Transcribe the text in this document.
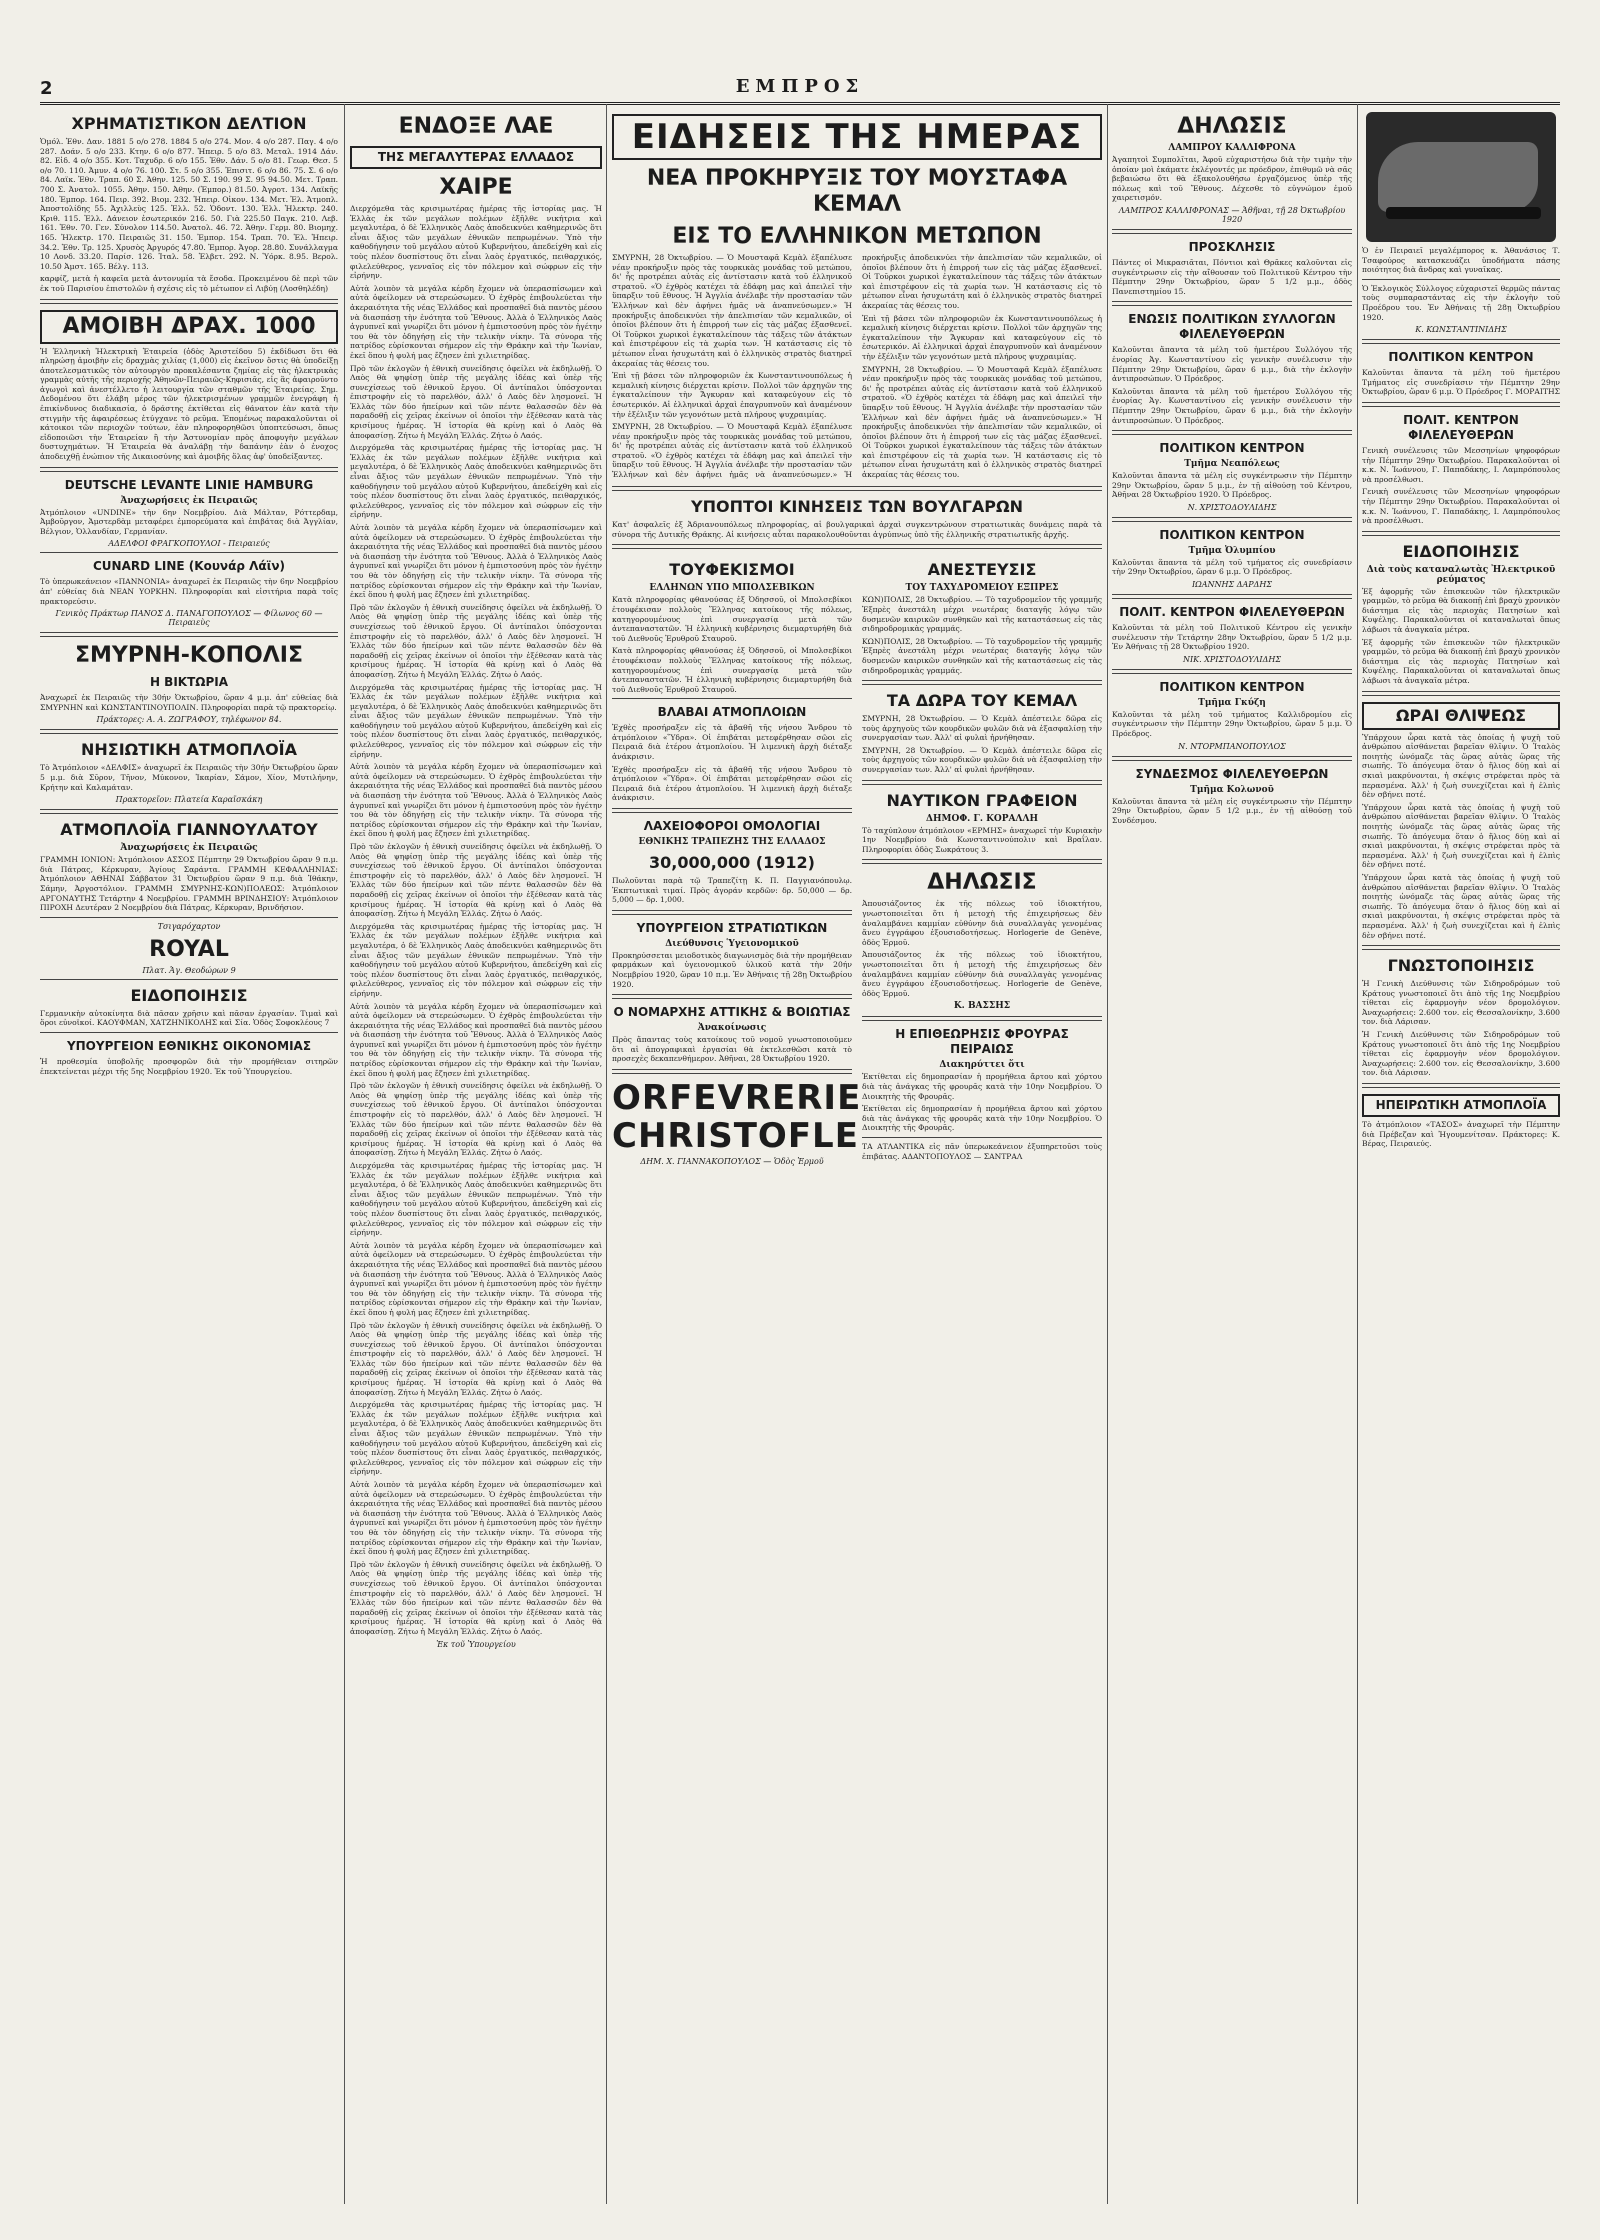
2	ΕΜΠΡΟΣ
ΧΡΗΜΑΤΙΣΤΙΚΟΝ ΔΕΛΤΙΟΝ

Ὁμόλ. Ἐθν. Δαν. 1881 5 ο/ο 278. 1884 5 ο/ο 274. Μον. 4 ο/ο 287. Παγ. 4 ο/ο 287. Δοάν. 5 ο/ο 233. Κτην. 6 ο/ο 877. Ἠπειρ. 5 ο/ο 83. Μεταλ. 1914 Δάν. 82. Εἰδ. 4 ο/ο 355. Κοτ. Ταχυδρ. 6 ο/ο 155. Ἐθν. Δάν. 5 ο/ο 81. Γεωρ. Θεσ. 5 ο/ο 70. 110. Ἀμυν. 4 ο/ο 76. 100. Στ. 5 ο/ο 355. Ἐπισιτ. 6 ο/ο 86. 75. Σ. 6 ο/ο 84. Λαϊκ. Ἐθν. Τραπ. 60 Σ. Ἀθην. 125. 50 Σ. 190. 99 Σ. 95 94.50. Μετ. Τραπ. 700 Σ. Ἀνατολ. 1055. Ἀθην. 150. Ἀθην. (Ἐμπορ.) 81.50. Ἀγροτ. 134. Λαϊκῆς 180. Ἐμπορ. 164. Πειρ. 392. Βιομ. 232. Ἠπειρ. Οἰκον. 134. Μετ. Ἐλ. Ἀτμοπλ. Ἀποστολίδης 55. Ἀχιλλεὺς 125. Ἑλλ. 52. Ὁδοντ. 130. Ἑλλ. Ἠλεκτρ. 240. Κριθ. 115. Ἑλλ. Δάνειον ἐσωτερικόν 216. 50. Γιὰ 225.50 Παγκ. 210. Λεβ. 161. Ἐθν. 70. Γεν. Σύνολον 114.50. Ἀνατολ. 46. 72. Ἀθην. Γερμ. 80. Βιομηχ. 165. Ἠλεκτρ. 170. Πειραιῶς 31. 150. Ἐμπορ. 154. Τραπ. 70. Ἐλ. Ἠπειρ. 34.2. Ἐθν. Τρ. 125. Χρυσὸς Ἀργυρός 47.80. Ἐμπορ. Ἀγορ. 28.80. Συνάλλαγμα 10 Λονδ. 33.20. Παρίσ. 126. Ἰταλ. 58. Ἐλβετ. 292. Ν. Ὑόρκ. 8.95. Βερολ. 10.50 Ἀμστ. 165. Βέλγ. 113.

καρφίζ, μετὰ ἡ καφεῖα μετὰ ἀντονυμία τὰ ἔσοδα. Προκειμένου δὲ περὶ τῶν ἐκ τοῦ Παρισίου ἐπιστολῶν ἡ σχέσις εἰς τὸ μέτωπον εἰ Λιβύῃ (Λοσθηλέδη)

ΑΜΟΙΒΗ ΔΡΑΧ. 1000

Ἡ Ἑλληνικὴ Ἠλεκτρικὴ Ἑταιρεία (ὁδὸς Ἀριστείδου 5) ἐκδίδωσι ὅτι θὰ πληρώσῃ ἀμοιβὴν εἰς δραχμὰς χιλίας (1,000) εἰς ἐκεῖνον ὅστις θὰ ὑποδείξῃ ἀποτελεσματικῶς τὸν αὐτουργὸν προκαλέσαντα ζημίας εἰς τὰς ἠλεκτρικὰς γραμμὰς αὐτῆς τῆς περιοχῆς Ἀθηνῶν-Πειραιῶς-Κηφισιᾶς, εἰς ἃς ἀφαιροῦντο ἀγωγοὶ καὶ ἀνεστέλλετο ἡ λειτουργία τῶν σταθμῶν τῆς Ἑταιρείας. Σημ. Δεδομένου ὅτι ἐλάβη μέρος τῶν ἠλεκτρισμένων γραμμῶν ἐνεγράφη ἡ ἐπικίνδυνος διαδικασία, ὁ δράστης ἐκτίθεται εἰς θάνατον ἐὰν κατὰ τὴν στιγμὴν τῆς ἀφαιρέσεως ἐτύγχανε τὸ ρεῦμα. Ἐπομένως παρακαλοῦνται οἱ κάτοικοι τῶν περιοχῶν τούτων, ἐὰν πληροφορηθῶσι ὑποπτεύσωσι, ὅπως εἰδοποιῶσι τὴν Ἑταιρείαν ἢ τὴν Ἀστυνομίαν πρὸς ἀποφυγὴν μεγάλων δυστυχημάτων. Ἡ Ἑταιρεία θὰ ἀναλάβῃ τὴν δαπάνην ἐὰν ὁ ἐνοχος ἀποδειχθῇ ἐνώπιον τῆς Δικαιοσύνης καὶ ἀμοιβῆς ὅλας ἀφ' ὑποδείξαντες.

DEUTSCHE LEVANTE LINIE HAMBURG
Ἀναχωρήσεις ἐκ Πειραιῶς

Ἀτμόπλοιον «UNDINE» τὴν 6ην Νοεμβρίου. Διὰ Μάλταν, Ρόττερδαμ, Ἀμβοῦργον, Ἀμστερδὰμ μεταφέρει ἐμπορεύματα καὶ ἐπιβάτας διὰ Ἀγγλίαν, Βέλγιον, Ὁλλανδίαν, Γερμανίαν.

ΑΔΕΛΦΟΙ ΦΡΑΓΚΟΠΟΥΛΟΙ - Πειραιεύς
CUNARD LINE (Κουνάρ Λάϊν)

Τὸ ὑπερωκεάνειον «ΠΑΝΝΟΝΙΑ» ἀναχωρεῖ ἐκ Πειραιῶς τὴν 6ην Νοεμβρίου ἀπ' εὐθείας διὰ ΝΕΑΝ ΥΟΡΚΗΝ. Πληροφορίαι καὶ εἰσιτήρια παρὰ τοῖς πρακτορεύσιν.

Γενικὸς Πράκτωρ ΠΑΝΟΣ Δ. ΠΑΝΑΓΟΠΟΥΛΟΣ — Φίλωνος 60 — Πειραιεὺς
ΣΜΥΡΝΗ-ΚΟΠΟΛΙΣ
Η ΒΙΚΤΩΡΙΑ

Ἀναχωρεῖ ἐκ Πειραιῶς τὴν 30ήν Ὀκτωβρίου, ὥραν 4 μ.μ. ἀπ' εὐθείας διὰ ΣΜΥΡΝΗΝ καὶ ΚΩΝΣΤΑΝΤΙΝΟΥΠΟΛΙΝ. Πληροφορίαι παρὰ τῷ πρακτορείῳ.

Πράκτορες: Α. Α. ΖΩΓΡΑΦΟΥ, τηλέφωνον 84.
ΝΗΣΙΩΤΙΚΗ ΑΤΜΟΠΛΟΪΑ

Τὸ Ἀτμόπλοιον «ΔΕΛΦΙΣ» ἀναχωρεῖ ἐκ Πειραιῶς τὴν 30ήν Ὀκτωβρίου ὥραν 5 μ.μ. διὰ Σῦρον, Τῆνον, Μύκονον, Ἰκαρίαν, Σάμον, Χίον, Μυτιλήνην, Κρήτην καὶ Καλαμάταν.

Πρακτορεῖον: Πλατεία Καραϊσκάκη
ΑΤΜΟΠΛΟΪΑ ΓΙΑΝΝΟΥΛΑΤΟΥ
Ἀναχωρήσεις ἐκ Πειραιῶς

ΓΡΑΜΜΗ ΙΟΝΙΟΝ: Ἀτμόπλοιον ΑΣΣΟΣ Πέμπτην 29 Ὀκτωβρίου ὥραν 9 π.μ. διὰ Πάτρας, Κέρκυραν, Ἁγίους Σαράντα. ΓΡΑΜΜΗ ΚΕΦΑΛΛΗΝΙΑΣ: Ἀτμόπλοιον ΑΘΗΝΑΙ Σάββατον 31 Ὀκτωβρίου ὥραν 9 π.μ. διὰ Ἰθάκην, Σάμην, Ἀργοστόλιον. ΓΡΑΜΜΗ ΣΜΥΡΝΗΣ-ΚΩΝ)ΠΟΛΕΩΣ: Ἀτμόπλοιον ΑΡΓΟΝΑΥΤΗΣ Τετάρτην 4 Νοεμβρίου. ΓΡΑΜΜΗ ΒΡΙΝΔΗΣΙΟΥ: Ἀτμόπλοιον ΠΙΡΟΧΗ Δευτέραν 2 Νοεμβρίου διὰ Πάτρας, Κέρκυραν, Βρινδήσιον.

Τσιγαρόχαρτον
ROYAL
Πλατ. Ἁγ. Θεοδώρων 9
ΕΙΔΟΠΟΙΗΣΙΣ

Γερμανικὴν αὐτοκίνητα διὰ πᾶσαν χρῆσιν καὶ πᾶσαν ἐργασίαν. Τιμαὶ καὶ ὅροι εὐνοϊκοί. ΚΑΟΥΦΜΑΝ, ΧΑΤΖΗΝΙΚΟΛΗΣ καὶ Σία. Ὁδὸς Σοφοκλέους 7

ΥΠΟΥΡΓΕΙΟΝ ΕΘΝΙΚΗΣ ΟΙΚΟΝΟΜΙΑΣ

Ἡ προθεσμία ὑποβολῆς προσφορῶν διὰ τὴν προμήθειαν σιτηρῶν ἐπεκτείνεται μέχρι τῆς 5ης Νοεμβρίου 1920. Ἐκ τοῦ Ὑπουργείου.

ΕΝΔΟΞΕ ΛΑΕ
ΤΗΣ ΜΕΓΑΛΥΤΕΡΑΣ ΕΛΛΑΔΟΣ
ΧΑΙΡΕ

Διερχόμεθα τὰς κρισιμωτέρας ἡμέρας τῆς ἱστορίας μας. Ἡ Ἑλλὰς ἐκ τῶν μεγάλων πολέμων ἐξῆλθε νικήτρια καὶ μεγαλυτέρα, ὁ δὲ Ἑλληνικὸς Λαὸς ἀποδεικνύει καθημερινῶς ὅτι εἶναι ἄξιος τῶν μεγάλων ἐθνικῶν πεπρωμένων. Ὑπὸ τὴν καθοδήγησιν τοῦ μεγάλου αὐτοῦ Κυβερνήτου, ἀπεδείχθη καὶ εἰς τοὺς πλέον δυσπίστους ὅτι εἶναι λαὸς ἐργατικός, πειθαρχικός, φιλελεύθερος, γενναῖος εἰς τὸν πόλεμον καὶ σώφρων εἰς τὴν εἰρήνην.

Αὐτὰ λοιπὸν τὰ μεγάλα κέρδη ἔχομεν νὰ ὑπερασπίσωμεν καὶ αὐτὰ ὀφείλομεν νὰ στερεώσωμεν. Ὁ ἐχθρὸς ἐπιβουλεύεται τὴν ἀκεραιότητα τῆς νέας Ἑλλάδος καὶ προσπαθεῖ διὰ παντὸς μέσου νὰ διασπάσῃ τὴν ἑνότητα τοῦ Ἔθνους. Ἀλλὰ ὁ Ἑλληνικὸς Λαὸς ἀγρυπνεῖ καὶ γνωρίζει ὅτι μόνον ἡ ἐμπιστοσύνη πρὸς τὸν ἡγέτην του θὰ τὸν ὁδηγήσῃ εἰς τὴν τελικὴν νίκην. Τὰ σύνορα τῆς πατρίδος εὑρίσκονται σήμερον εἰς τὴν Θράκην καὶ τὴν Ἰωνίαν, ἐκεῖ ὅπου ἡ φυλή μας ἔζησεν ἐπὶ χιλιετηρίδας.

Πρὸ τῶν ἐκλογῶν ἡ ἐθνικὴ συνείδησις ὀφείλει νὰ ἐκδηλωθῇ. Ὁ Λαὸς θὰ ψηφίσῃ ὑπὲρ τῆς μεγάλης ἰδέας καὶ ὑπὲρ τῆς συνεχίσεως τοῦ ἐθνικοῦ ἔργου. Οἱ ἀντίπαλοι ὑπόσχονται ἐπιστροφὴν εἰς τὸ παρελθόν, ἀλλ' ὁ Λαὸς δὲν λησμονεῖ. Ἡ Ἑλλὰς τῶν δύο ἠπείρων καὶ τῶν πέντε θαλασσῶν δὲν θὰ παραδοθῇ εἰς χεῖρας ἐκείνων οἱ ὁποῖοι τὴν ἐξέθεσαν κατὰ τὰς κρισίμους ἡμέρας. Ἡ ἱστορία θὰ κρίνῃ καὶ ὁ Λαὸς θὰ ἀποφασίσῃ. Ζήτω ἡ Μεγάλη Ἑλλάς. Ζήτω ὁ Λαός.

Διερχόμεθα τὰς κρισιμωτέρας ἡμέρας τῆς ἱστορίας μας. Ἡ Ἑλλὰς ἐκ τῶν μεγάλων πολέμων ἐξῆλθε νικήτρια καὶ μεγαλυτέρα, ὁ δὲ Ἑλληνικὸς Λαὸς ἀποδεικνύει καθημερινῶς ὅτι εἶναι ἄξιος τῶν μεγάλων ἐθνικῶν πεπρωμένων. Ὑπὸ τὴν καθοδήγησιν τοῦ μεγάλου αὐτοῦ Κυβερνήτου, ἀπεδείχθη καὶ εἰς τοὺς πλέον δυσπίστους ὅτι εἶναι λαὸς ἐργατικός, πειθαρχικός, φιλελεύθερος, γενναῖος εἰς τὸν πόλεμον καὶ σώφρων εἰς τὴν εἰρήνην.

Αὐτὰ λοιπὸν τὰ μεγάλα κέρδη ἔχομεν νὰ ὑπερασπίσωμεν καὶ αὐτὰ ὀφείλομεν νὰ στερεώσωμεν. Ὁ ἐχθρὸς ἐπιβουλεύεται τὴν ἀκεραιότητα τῆς νέας Ἑλλάδος καὶ προσπαθεῖ διὰ παντὸς μέσου νὰ διασπάσῃ τὴν ἑνότητα τοῦ Ἔθνους. Ἀλλὰ ὁ Ἑλληνικὸς Λαὸς ἀγρυπνεῖ καὶ γνωρίζει ὅτι μόνον ἡ ἐμπιστοσύνη πρὸς τὸν ἡγέτην του θὰ τὸν ὁδηγήσῃ εἰς τὴν τελικὴν νίκην. Τὰ σύνορα τῆς πατρίδος εὑρίσκονται σήμερον εἰς τὴν Θράκην καὶ τὴν Ἰωνίαν, ἐκεῖ ὅπου ἡ φυλή μας ἔζησεν ἐπὶ χιλιετηρίδας.

Πρὸ τῶν ἐκλογῶν ἡ ἐθνικὴ συνείδησις ὀφείλει νὰ ἐκδηλωθῇ. Ὁ Λαὸς θὰ ψηφίσῃ ὑπὲρ τῆς μεγάλης ἰδέας καὶ ὑπὲρ τῆς συνεχίσεως τοῦ ἐθνικοῦ ἔργου. Οἱ ἀντίπαλοι ὑπόσχονται ἐπιστροφὴν εἰς τὸ παρελθόν, ἀλλ' ὁ Λαὸς δὲν λησμονεῖ. Ἡ Ἑλλὰς τῶν δύο ἠπείρων καὶ τῶν πέντε θαλασσῶν δὲν θὰ παραδοθῇ εἰς χεῖρας ἐκείνων οἱ ὁποῖοι τὴν ἐξέθεσαν κατὰ τὰς κρισίμους ἡμέρας. Ἡ ἱστορία θὰ κρίνῃ καὶ ὁ Λαὸς θὰ ἀποφασίσῃ. Ζήτω ἡ Μεγάλη Ἑλλάς. Ζήτω ὁ Λαός.

Διερχόμεθα τὰς κρισιμωτέρας ἡμέρας τῆς ἱστορίας μας. Ἡ Ἑλλὰς ἐκ τῶν μεγάλων πολέμων ἐξῆλθε νικήτρια καὶ μεγαλυτέρα, ὁ δὲ Ἑλληνικὸς Λαὸς ἀποδεικνύει καθημερινῶς ὅτι εἶναι ἄξιος τῶν μεγάλων ἐθνικῶν πεπρωμένων. Ὑπὸ τὴν καθοδήγησιν τοῦ μεγάλου αὐτοῦ Κυβερνήτου, ἀπεδείχθη καὶ εἰς τοὺς πλέον δυσπίστους ὅτι εἶναι λαὸς ἐργατικός, πειθαρχικός, φιλελεύθερος, γενναῖος εἰς τὸν πόλεμον καὶ σώφρων εἰς τὴν εἰρήνην.

Αὐτὰ λοιπὸν τὰ μεγάλα κέρδη ἔχομεν νὰ ὑπερασπίσωμεν καὶ αὐτὰ ὀφείλομεν νὰ στερεώσωμεν. Ὁ ἐχθρὸς ἐπιβουλεύεται τὴν ἀκεραιότητα τῆς νέας Ἑλλάδος καὶ προσπαθεῖ διὰ παντὸς μέσου νὰ διασπάσῃ τὴν ἑνότητα τοῦ Ἔθνους. Ἀλλὰ ὁ Ἑλληνικὸς Λαὸς ἀγρυπνεῖ καὶ γνωρίζει ὅτι μόνον ἡ ἐμπιστοσύνη πρὸς τὸν ἡγέτην του θὰ τὸν ὁδηγήσῃ εἰς τὴν τελικὴν νίκην. Τὰ σύνορα τῆς πατρίδος εὑρίσκονται σήμερον εἰς τὴν Θράκην καὶ τὴν Ἰωνίαν, ἐκεῖ ὅπου ἡ φυλή μας ἔζησεν ἐπὶ χιλιετηρίδας.

Πρὸ τῶν ἐκλογῶν ἡ ἐθνικὴ συνείδησις ὀφείλει νὰ ἐκδηλωθῇ. Ὁ Λαὸς θὰ ψηφίσῃ ὑπὲρ τῆς μεγάλης ἰδέας καὶ ὑπὲρ τῆς συνεχίσεως τοῦ ἐθνικοῦ ἔργου. Οἱ ἀντίπαλοι ὑπόσχονται ἐπιστροφὴν εἰς τὸ παρελθόν, ἀλλ' ὁ Λαὸς δὲν λησμονεῖ. Ἡ Ἑλλὰς τῶν δύο ἠπείρων καὶ τῶν πέντε θαλασσῶν δὲν θὰ παραδοθῇ εἰς χεῖρας ἐκείνων οἱ ὁποῖοι τὴν ἐξέθεσαν κατὰ τὰς κρισίμους ἡμέρας. Ἡ ἱστορία θὰ κρίνῃ καὶ ὁ Λαὸς θὰ ἀποφασίσῃ. Ζήτω ἡ Μεγάλη Ἑλλάς. Ζήτω ὁ Λαός.

Διερχόμεθα τὰς κρισιμωτέρας ἡμέρας τῆς ἱστορίας μας. Ἡ Ἑλλὰς ἐκ τῶν μεγάλων πολέμων ἐξῆλθε νικήτρια καὶ μεγαλυτέρα, ὁ δὲ Ἑλληνικὸς Λαὸς ἀποδεικνύει καθημερινῶς ὅτι εἶναι ἄξιος τῶν μεγάλων ἐθνικῶν πεπρωμένων. Ὑπὸ τὴν καθοδήγησιν τοῦ μεγάλου αὐτοῦ Κυβερνήτου, ἀπεδείχθη καὶ εἰς τοὺς πλέον δυσπίστους ὅτι εἶναι λαὸς ἐργατικός, πειθαρχικός, φιλελεύθερος, γενναῖος εἰς τὸν πόλεμον καὶ σώφρων εἰς τὴν εἰρήνην.

Αὐτὰ λοιπὸν τὰ μεγάλα κέρδη ἔχομεν νὰ ὑπερασπίσωμεν καὶ αὐτὰ ὀφείλομεν νὰ στερεώσωμεν. Ὁ ἐχθρὸς ἐπιβουλεύεται τὴν ἀκεραιότητα τῆς νέας Ἑλλάδος καὶ προσπαθεῖ διὰ παντὸς μέσου νὰ διασπάσῃ τὴν ἑνότητα τοῦ Ἔθνους. Ἀλλὰ ὁ Ἑλληνικὸς Λαὸς ἀγρυπνεῖ καὶ γνωρίζει ὅτι μόνον ἡ ἐμπιστοσύνη πρὸς τὸν ἡγέτην του θὰ τὸν ὁδηγήσῃ εἰς τὴν τελικὴν νίκην. Τὰ σύνορα τῆς πατρίδος εὑρίσκονται σήμερον εἰς τὴν Θράκην καὶ τὴν Ἰωνίαν, ἐκεῖ ὅπου ἡ φυλή μας ἔζησεν ἐπὶ χιλιετηρίδας.

Πρὸ τῶν ἐκλογῶν ἡ ἐθνικὴ συνείδησις ὀφείλει νὰ ἐκδηλωθῇ. Ὁ Λαὸς θὰ ψηφίσῃ ὑπὲρ τῆς μεγάλης ἰδέας καὶ ὑπὲρ τῆς συνεχίσεως τοῦ ἐθνικοῦ ἔργου. Οἱ ἀντίπαλοι ὑπόσχονται ἐπιστροφὴν εἰς τὸ παρελθόν, ἀλλ' ὁ Λαὸς δὲν λησμονεῖ. Ἡ Ἑλλὰς τῶν δύο ἠπείρων καὶ τῶν πέντε θαλασσῶν δὲν θὰ παραδοθῇ εἰς χεῖρας ἐκείνων οἱ ὁποῖοι τὴν ἐξέθεσαν κατὰ τὰς κρισίμους ἡμέρας. Ἡ ἱστορία θὰ κρίνῃ καὶ ὁ Λαὸς θὰ ἀποφασίσῃ. Ζήτω ἡ Μεγάλη Ἑλλάς. Ζήτω ὁ Λαός.

Διερχόμεθα τὰς κρισιμωτέρας ἡμέρας τῆς ἱστορίας μας. Ἡ Ἑλλὰς ἐκ τῶν μεγάλων πολέμων ἐξῆλθε νικήτρια καὶ μεγαλυτέρα, ὁ δὲ Ἑλληνικὸς Λαὸς ἀποδεικνύει καθημερινῶς ὅτι εἶναι ἄξιος τῶν μεγάλων ἐθνικῶν πεπρωμένων. Ὑπὸ τὴν καθοδήγησιν τοῦ μεγάλου αὐτοῦ Κυβερνήτου, ἀπεδείχθη καὶ εἰς τοὺς πλέον δυσπίστους ὅτι εἶναι λαὸς ἐργατικός, πειθαρχικός, φιλελεύθερος, γενναῖος εἰς τὸν πόλεμον καὶ σώφρων εἰς τὴν εἰρήνην.

Αὐτὰ λοιπὸν τὰ μεγάλα κέρδη ἔχομεν νὰ ὑπερασπίσωμεν καὶ αὐτὰ ὀφείλομεν νὰ στερεώσωμεν. Ὁ ἐχθρὸς ἐπιβουλεύεται τὴν ἀκεραιότητα τῆς νέας Ἑλλάδος καὶ προσπαθεῖ διὰ παντὸς μέσου νὰ διασπάσῃ τὴν ἑνότητα τοῦ Ἔθνους. Ἀλλὰ ὁ Ἑλληνικὸς Λαὸς ἀγρυπνεῖ καὶ γνωρίζει ὅτι μόνον ἡ ἐμπιστοσύνη πρὸς τὸν ἡγέτην του θὰ τὸν ὁδηγήσῃ εἰς τὴν τελικὴν νίκην. Τὰ σύνορα τῆς πατρίδος εὑρίσκονται σήμερον εἰς τὴν Θράκην καὶ τὴν Ἰωνίαν, ἐκεῖ ὅπου ἡ φυλή μας ἔζησεν ἐπὶ χιλιετηρίδας.

Πρὸ τῶν ἐκλογῶν ἡ ἐθνικὴ συνείδησις ὀφείλει νὰ ἐκδηλωθῇ. Ὁ Λαὸς θὰ ψηφίσῃ ὑπὲρ τῆς μεγάλης ἰδέας καὶ ὑπὲρ τῆς συνεχίσεως τοῦ ἐθνικοῦ ἔργου. Οἱ ἀντίπαλοι ὑπόσχονται ἐπιστροφὴν εἰς τὸ παρελθόν, ἀλλ' ὁ Λαὸς δὲν λησμονεῖ. Ἡ Ἑλλὰς τῶν δύο ἠπείρων καὶ τῶν πέντε θαλασσῶν δὲν θὰ παραδοθῇ εἰς χεῖρας ἐκείνων οἱ ὁποῖοι τὴν ἐξέθεσαν κατὰ τὰς κρισίμους ἡμέρας. Ἡ ἱστορία θὰ κρίνῃ καὶ ὁ Λαὸς θὰ ἀποφασίσῃ. Ζήτω ἡ Μεγάλη Ἑλλάς. Ζήτω ὁ Λαός.

Διερχόμεθα τὰς κρισιμωτέρας ἡμέρας τῆς ἱστορίας μας. Ἡ Ἑλλὰς ἐκ τῶν μεγάλων πολέμων ἐξῆλθε νικήτρια καὶ μεγαλυτέρα, ὁ δὲ Ἑλληνικὸς Λαὸς ἀποδεικνύει καθημερινῶς ὅτι εἶναι ἄξιος τῶν μεγάλων ἐθνικῶν πεπρωμένων. Ὑπὸ τὴν καθοδήγησιν τοῦ μεγάλου αὐτοῦ Κυβερνήτου, ἀπεδείχθη καὶ εἰς τοὺς πλέον δυσπίστους ὅτι εἶναι λαὸς ἐργατικός, πειθαρχικός, φιλελεύθερος, γενναῖος εἰς τὸν πόλεμον καὶ σώφρων εἰς τὴν εἰρήνην.

Αὐτὰ λοιπὸν τὰ μεγάλα κέρδη ἔχομεν νὰ ὑπερασπίσωμεν καὶ αὐτὰ ὀφείλομεν νὰ στερεώσωμεν. Ὁ ἐχθρὸς ἐπιβουλεύεται τὴν ἀκεραιότητα τῆς νέας Ἑλλάδος καὶ προσπαθεῖ διὰ παντὸς μέσου νὰ διασπάσῃ τὴν ἑνότητα τοῦ Ἔθνους. Ἀλλὰ ὁ Ἑλληνικὸς Λαὸς ἀγρυπνεῖ καὶ γνωρίζει ὅτι μόνον ἡ ἐμπιστοσύνη πρὸς τὸν ἡγέτην του θὰ τὸν ὁδηγήσῃ εἰς τὴν τελικὴν νίκην. Τὰ σύνορα τῆς πατρίδος εὑρίσκονται σήμερον εἰς τὴν Θράκην καὶ τὴν Ἰωνίαν, ἐκεῖ ὅπου ἡ φυλή μας ἔζησεν ἐπὶ χιλιετηρίδας.

Πρὸ τῶν ἐκλογῶν ἡ ἐθνικὴ συνείδησις ὀφείλει νὰ ἐκδηλωθῇ. Ὁ Λαὸς θὰ ψηφίσῃ ὑπὲρ τῆς μεγάλης ἰδέας καὶ ὑπὲρ τῆς συνεχίσεως τοῦ ἐθνικοῦ ἔργου. Οἱ ἀντίπαλοι ὑπόσχονται ἐπιστροφὴν εἰς τὸ παρελθόν, ἀλλ' ὁ Λαὸς δὲν λησμονεῖ. Ἡ Ἑλλὰς τῶν δύο ἠπείρων καὶ τῶν πέντε θαλασσῶν δὲν θὰ παραδοθῇ εἰς χεῖρας ἐκείνων οἱ ὁποῖοι τὴν ἐξέθεσαν κατὰ τὰς κρισίμους ἡμέρας. Ἡ ἱστορία θὰ κρίνῃ καὶ ὁ Λαὸς θὰ ἀποφασίσῃ. Ζήτω ἡ Μεγάλη Ἑλλάς. Ζήτω ὁ Λαός.

Ἐκ τοῦ Ὑπουργείου
ΕΙΔΗΣΕΙΣ ΤΗΣ ΗΜΕΡΑΣ
ΝΕΑ ΠΡΟΚΗΡΥΞΙΣ ΤΟΥ ΜΟΥΣΤΑΦΑ ΚΕΜΑΛ
ΕΙΣ ΤΟ ΕΛΛΗΝΙΚΟΝ ΜΕΤΩΠΟΝ

ΣΜΥΡΝΗ, 28 Ὀκτωβρίου. — Ὁ Μουσταφᾶ Κεμὰλ ἐξαπέλυσε νέαν προκήρυξιν πρὸς τὰς τουρκικὰς μονάδας τοῦ μετώπου, δι' ἧς προτρέπει αὐτὰς εἰς ἀντίστασιν κατὰ τοῦ ἑλληνικοῦ στρατοῦ. «Ὁ ἐχθρὸς κατέχει τὰ ἐδάφη μας καὶ ἀπειλεῖ τὴν ὕπαρξιν τοῦ ἔθνους. Ἡ Ἀγγλία ἀνέλαβε τὴν προστασίαν τῶν Ἑλλήνων καὶ δὲν ἀφήνει ἡμᾶς νὰ ἀναπνεύσωμεν.» Ἡ προκήρυξις ἀποδεικνύει τὴν ἀπελπισίαν τῶν κεμαλικῶν, οἱ ὁποῖοι βλέπουν ὅτι ἡ ἐπιρροή των εἰς τὰς μάζας ἐξασθενεῖ. Οἱ Τοῦρκοι χωρικοὶ ἐγκαταλείπουν τὰς τάξεις τῶν ἀτάκτων καὶ ἐπιστρέφουν εἰς τὰ χωρία των. Ἡ κατάστασις εἰς τὸ μέτωπον εἶναι ἡσυχωτάτη καὶ ὁ ἑλληνικὸς στρατὸς διατηρεῖ ἀκεραίας τὰς θέσεις του.

Ἐπὶ τῇ βάσει τῶν πληροφοριῶν ἐκ Κωνσταντινουπόλεως ἡ κεμαλικὴ κίνησις διέρχεται κρίσιν. Πολλοὶ τῶν ἀρχηγῶν της ἐγκαταλείπουν τὴν Ἄγκυραν καὶ καταφεύγουν εἰς τὸ ἐσωτερικόν. Αἱ ἑλληνικαὶ ἀρχαὶ ἐπαγρυπνοῦν καὶ ἀναμένουν τὴν ἐξέλιξιν τῶν γεγονότων μετὰ πλήρους ψυχραιμίας.

ΣΜΥΡΝΗ, 28 Ὀκτωβρίου. — Ὁ Μουσταφᾶ Κεμὰλ ἐξαπέλυσε νέαν προκήρυξιν πρὸς τὰς τουρκικὰς μονάδας τοῦ μετώπου, δι' ἧς προτρέπει αὐτὰς εἰς ἀντίστασιν κατὰ τοῦ ἑλληνικοῦ στρατοῦ. «Ὁ ἐχθρὸς κατέχει τὰ ἐδάφη μας καὶ ἀπειλεῖ τὴν ὕπαρξιν τοῦ ἔθνους. Ἡ Ἀγγλία ἀνέλαβε τὴν προστασίαν τῶν Ἑλλήνων καὶ δὲν ἀφήνει ἡμᾶς νὰ ἀναπνεύσωμεν.» Ἡ προκήρυξις ἀποδεικνύει τὴν ἀπελπισίαν τῶν κεμαλικῶν, οἱ ὁποῖοι βλέπουν ὅτι ἡ ἐπιρροή των εἰς τὰς μάζας ἐξασθενεῖ. Οἱ Τοῦρκοι χωρικοὶ ἐγκαταλείπουν τὰς τάξεις τῶν ἀτάκτων καὶ ἐπιστρέφουν εἰς τὰ χωρία των. Ἡ κατάστασις εἰς τὸ μέτωπον εἶναι ἡσυχωτάτη καὶ ὁ ἑλληνικὸς στρατὸς διατηρεῖ ἀκεραίας τὰς θέσεις του.

Ἐπὶ τῇ βάσει τῶν πληροφοριῶν ἐκ Κωνσταντινουπόλεως ἡ κεμαλικὴ κίνησις διέρχεται κρίσιν. Πολλοὶ τῶν ἀρχηγῶν της ἐγκαταλείπουν τὴν Ἄγκυραν καὶ καταφεύγουν εἰς τὸ ἐσωτερικόν. Αἱ ἑλληνικαὶ ἀρχαὶ ἐπαγρυπνοῦν καὶ ἀναμένουν τὴν ἐξέλιξιν τῶν γεγονότων μετὰ πλήρους ψυχραιμίας.

ΣΜΥΡΝΗ, 28 Ὀκτωβρίου. — Ὁ Μουσταφᾶ Κεμὰλ ἐξαπέλυσε νέαν προκήρυξιν πρὸς τὰς τουρκικὰς μονάδας τοῦ μετώπου, δι' ἧς προτρέπει αὐτὰς εἰς ἀντίστασιν κατὰ τοῦ ἑλληνικοῦ στρατοῦ. «Ὁ ἐχθρὸς κατέχει τὰ ἐδάφη μας καὶ ἀπειλεῖ τὴν ὕπαρξιν τοῦ ἔθνους. Ἡ Ἀγγλία ἀνέλαβε τὴν προστασίαν τῶν Ἑλλήνων καὶ δὲν ἀφήνει ἡμᾶς νὰ ἀναπνεύσωμεν.» Ἡ προκήρυξις ἀποδεικνύει τὴν ἀπελπισίαν τῶν κεμαλικῶν, οἱ ὁποῖοι βλέπουν ὅτι ἡ ἐπιρροή των εἰς τὰς μάζας ἐξασθενεῖ. Οἱ Τοῦρκοι χωρικοὶ ἐγκαταλείπουν τὰς τάξεις τῶν ἀτάκτων καὶ ἐπιστρέφουν εἰς τὰ χωρία των. Ἡ κατάστασις εἰς τὸ μέτωπον εἶναι ἡσυχωτάτη καὶ ὁ ἑλληνικὸς στρατὸς διατηρεῖ ἀκεραίας τὰς θέσεις του.

ΥΠΟΠΤΟΙ ΚΙΝΗΣΕΙΣ ΤΩΝ ΒΟΥΛΓΑΡΩΝ

Κατ' ἀσφαλεῖς ἐξ Ἀδριανουπόλεως πληροφορίας, αἱ βουλγαρικαὶ ἀρχαὶ συγκεντρώνουν στρατιωτικὰς δυνάμεις παρὰ τὰ σύνορα τῆς Δυτικῆς Θράκης. Αἱ κινήσεις αὗται παρακολουθοῦνται ἀγρύπνως ὑπὸ τῆς ἑλληνικῆς στρατιωτικῆς ἀρχῆς.

ΤΟΥΦΕΚΙΣΜΟΙ
ΕΛΛΗΝΩΝ ΥΠΟ ΜΠΟΛΣΕΒΙΚΩΝ

Κατὰ πληροφορίας φθανούσας ἐξ Ὀδησσοῦ, οἱ Μπολσεβίκοι ἐτουφέκισαν πολλοὺς Ἕλληνας κατοίκους τῆς πόλεως, κατηγορουμένους ἐπὶ συνεργασίᾳ μετὰ τῶν ἀντεπαναστατῶν. Ἡ ἑλληνικὴ κυβέρνησις διεμαρτυρήθη διὰ τοῦ Διεθνοῦς Ἐρυθροῦ Σταυροῦ.

Κατὰ πληροφορίας φθανούσας ἐξ Ὀδησσοῦ, οἱ Μπολσεβίκοι ἐτουφέκισαν πολλοὺς Ἕλληνας κατοίκους τῆς πόλεως, κατηγορουμένους ἐπὶ συνεργασίᾳ μετὰ τῶν ἀντεπαναστατῶν. Ἡ ἑλληνικὴ κυβέρνησις διεμαρτυρήθη διὰ τοῦ Διεθνοῦς Ἐρυθροῦ Σταυροῦ.

ΒΛΑΒΑΙ ΑΤΜΟΠΛΟΙΩΝ

Ἐχθὲς προσήραξεν εἰς τὰ ἀβαθῆ τῆς νήσου Ἄνδρου τὸ ἀτμόπλοιον «Ὕδρα». Οἱ ἐπιβάται μετεφέρθησαν σῶοι εἰς Πειραιᾶ διὰ ἑτέρου ἀτμοπλοίου. Ἡ λιμενικὴ ἀρχὴ διέταξε ἀνάκρισιν.

Ἐχθὲς προσήραξεν εἰς τὰ ἀβαθῆ τῆς νήσου Ἄνδρου τὸ ἀτμόπλοιον «Ὕδρα». Οἱ ἐπιβάται μετεφέρθησαν σῶοι εἰς Πειραιᾶ διὰ ἑτέρου ἀτμοπλοίου. Ἡ λιμενικὴ ἀρχὴ διέταξε ἀνάκρισιν.

ΛΑΧΕΙΟΦΟΡΟΙ ΟΜΟΛΟΓΙΑΙ
ΕΘΝΙΚΗΣ ΤΡΑΠΕΖΗΣ ΤΗΣ ΕΛΛΑΔΟΣ
30,000,000 (1912)

Πωλοῦνται παρὰ τῷ Τραπεζίτῃ Κ. Π. Παγγιανόπουλῳ. Ἐκπτωτικαὶ τιμαί. Πρὸς ἀγοράν κερδῶν: δρ. 50,000 — δρ. 5,000 — δρ. 1,000.

ΥΠΟΥΡΓΕΙΟΝ ΣΤΡΑΤΙΩΤΙΚΩΝ
Διεύθυνσις Ὑγειονομικοῦ

Προκηρύσσεται μειοδοτικὸς διαγωνισμὸς διὰ τὴν προμήθειαν φαρμάκων καὶ ὑγειονομικοῦ ὑλικοῦ κατὰ τὴν 20ήν Νοεμβρίου 1920, ὥραν 10 π.μ. Ἐν Ἀθήναις τῇ 28ῃ Ὀκτωβρίου 1920.

Ο ΝΟΜΑΡΧΗΣ ΑΤΤΙΚΗΣ & ΒΟΙΩΤΙΑΣ
Ἀνακοίνωσις

Πρὸς ἅπαντας τοὺς κατοίκους τοῦ νομοῦ γνωστοποιοῦμεν ὅτι αἱ ἀπογραφικαὶ ἐργασίαι θὰ ἐκτελεσθῶσι κατὰ τὸ προσεχὲς δεκαπενθήμερον. Ἀθῆναι, 28 Ὀκτωβρίου 1920.

ORFEVRERIE
CHRISTOFLE
ΔΗΜ. Χ. ΓΙΑΝΝΑΚΟΠΟΥΛΟΣ — Ὁδὸς Ἑρμοῦ
ΑΝΕΣΤΕΥΣΙΣ
ΤΟΥ ΤΑΧΥΔΡΟΜΕΙΟΥ ΕΞΠΡΕΣ

ΚΩΝ)ΠΟΛΙΣ, 28 Ὀκτωβρίου. — Τὸ ταχυδρομεῖον τῆς γραμμῆς Ἐξπρὲς ἀνεστάλη μέχρι νεωτέρας διαταγῆς λόγῳ τῶν δυσμενῶν καιρικῶν συνθηκῶν καὶ τῆς καταστάσεως εἰς τὰς σιδηροδρομικὰς γραμμάς.

ΚΩΝ)ΠΟΛΙΣ, 28 Ὀκτωβρίου. — Τὸ ταχυδρομεῖον τῆς γραμμῆς Ἐξπρὲς ἀνεστάλη μέχρι νεωτέρας διαταγῆς λόγῳ τῶν δυσμενῶν καιρικῶν συνθηκῶν καὶ τῆς καταστάσεως εἰς τὰς σιδηροδρομικὰς γραμμάς.

ΤΑ ΔΩΡΑ ΤΟΥ ΚΕΜΑΛ

ΣΜΥΡΝΗ, 28 Ὀκτωβρίου. — Ὁ Κεμὰλ ἀπέστειλε δῶρα εἰς τοὺς ἀρχηγοὺς τῶν κουρδικῶν φυλῶν διὰ νὰ ἐξασφαλίσῃ τὴν συνεργασίαν των. Ἀλλ' αἱ φυλαὶ ἠρνήθησαν.

ΣΜΥΡΝΗ, 28 Ὀκτωβρίου. — Ὁ Κεμὰλ ἀπέστειλε δῶρα εἰς τοὺς ἀρχηγοὺς τῶν κουρδικῶν φυλῶν διὰ νὰ ἐξασφαλίσῃ τὴν συνεργασίαν των. Ἀλλ' αἱ φυλαὶ ἠρνήθησαν.

ΝΑΥΤΙΚΟΝ ΓΡΑΦΕΙΟΝ
ΔΗΜΟΦ. Γ. ΚΟΡΑΛΛΗ

Τὸ ταχύπλουν ἀτμόπλοιον «ΕΡΜΗΣ» ἀναχωρεῖ τὴν Κυριακὴν 1ην Νοεμβρίου διὰ Κωνσταντινούπολιν καὶ Βραΐλαν. Πληροφορίαι ὁδὸς Σωκράτους 3.

ΔΗΛΩΣΙΣ

Ἀπουσιάζοντος ἐκ τῆς πόλεως τοῦ ἰδιοκτήτου, γνωστοποιεῖται ὅτι ἡ μετοχὴ τῆς ἐπιχειρήσεως δὲν ἀναλαμβάνει καμμίαν εὐθύνην διὰ συναλλαγὰς γενομένας ἄνευ ἐγγράφου ἐξουσιοδοτήσεως. Horlogerie de Genève, ὁδὸς Ἑρμοῦ.

Ἀπουσιάζοντος ἐκ τῆς πόλεως τοῦ ἰδιοκτήτου, γνωστοποιεῖται ὅτι ἡ μετοχὴ τῆς ἐπιχειρήσεως δὲν ἀναλαμβάνει καμμίαν εὐθύνην διὰ συναλλαγὰς γενομένας ἄνευ ἐγγράφου ἐξουσιοδοτήσεως. Horlogerie de Genève, ὁδὸς Ἑρμοῦ.

Κ. ΒΑΣΣΗΣ
Η ΕΠΙΘΕΩΡΗΣΙΣ ΦΡΟΥΡΑΣ ΠΕΙΡΑΙΩΣ
Διακηρύττει ὅτι

Ἐκτίθεται εἰς δημοπρασίαν ἡ προμήθεια ἄρτου καὶ χόρτου διὰ τὰς ἀνάγκας τῆς φρουρᾶς κατὰ τὴν 10ην Νοεμβρίου. Ὁ Διοικητὴς τῆς Φρουρᾶς.

Ἐκτίθεται εἰς δημοπρασίαν ἡ προμήθεια ἄρτου καὶ χόρτου διὰ τὰς ἀνάγκας τῆς φρουρᾶς κατὰ τὴν 10ην Νοεμβρίου. Ὁ Διοικητὴς τῆς Φρουρᾶς.

ΤΑ ΑΤΛΑΝΤΙΚΑ εἰς πᾶν ὑπερωκεάνειον ἐξυπηρετοῦσι τοὺς ἐπιβάτας. ΑΔΑΝΤΟΠΟΥΛΟΣ — ΣΑΝΤΡΑΛ

ΔΗΛΩΣΙΣ
ΛΑΜΠΡΟΥ ΚΑΛΛΙΦΡΟΝΑ

Ἀγαπητοὶ Συμπολῖται, Ἀφοῦ εὐχαριστήσω διὰ τὴν τιμὴν τὴν ὁποίαν μοὶ ἐκάματε ἐκλέγοντές με πρόεδρον, ἐπιθυμῶ νὰ σᾶς βεβαιώσω ὅτι θὰ ἐξακολουθήσω ἐργαζόμενος ὑπὲρ τῆς πόλεως καὶ τοῦ Ἔθνους. Δέχεσθε τὸ εὐγνώμον ἐμοῦ χαιρετισμόν.

ΛΑΜΠΡΟΣ ΚΑΛΛΙΦΡΟΝΑΣ — Ἀθῆναι, τῇ 28 Ὀκτωβρίου 1920
ΠΡΟΣΚΛΗΣΙΣ

Πάντες οἱ Μικρασιᾶται, Πόντιοι καὶ Θρᾶκες καλοῦνται εἰς συγκέντρωσιν εἰς τὴν αἴθουσαν τοῦ Πολιτικοῦ Κέντρου τὴν Πέμπτην 29ην Ὀκτωβρίου, ὥραν 5 1/2 μ.μ., ὁδὸς Πανεπιστημίου 15.

ΕΝΩΣΙΣ ΠΟΛΙΤΙΚΩΝ ΣΥΛΛΟΓΩΝ ΦΙΛΕΛΕΥΘΕΡΩΝ

Καλοῦνται ἅπαντα τὰ μέλη τοῦ ἡμετέρου Συλλόγου τῆς ἐνορίας Ἁγ. Κωνσταντίνου εἰς γενικὴν συνέλευσιν τὴν Πέμπτην 29ην Ὀκτωβρίου, ὥραν 6 μ.μ., διὰ τὴν ἐκλογὴν ἀντιπροσώπων. Ὁ Πρόεδρος.

Καλοῦνται ἅπαντα τὰ μέλη τοῦ ἡμετέρου Συλλόγου τῆς ἐνορίας Ἁγ. Κωνσταντίνου εἰς γενικὴν συνέλευσιν τὴν Πέμπτην 29ην Ὀκτωβρίου, ὥραν 6 μ.μ., διὰ τὴν ἐκλογὴν ἀντιπροσώπων. Ὁ Πρόεδρος.

ΠΟΛΙΤΙΚΟΝ ΚΕΝΤΡΟΝ
Τμῆμα Νεαπόλεως

Καλοῦνται ἅπαντα τὰ μέλη εἰς συγκέντρωσιν τὴν Πέμπτην 29ην Ὀκτωβρίου, ὥραν 5 μ.μ., ἐν τῇ αἰθούσῃ τοῦ Κέντρου, Ἀθῆναι 28 Ὀκτωβρίου 1920. Ὁ Πρόεδρος.

Ν. ΧΡΙΣΤΟΔΟΥΛΙΔΗΣ
ΠΟΛΙΤΙΚΟΝ ΚΕΝΤΡΟΝ
Τμῆμα Ὀλυμπίου

Καλοῦνται ἅπαντα τὰ μέλη τοῦ τμήματος εἰς συνεδρίασιν τὴν 29ην Ὀκτωβρίου, ὥραν 6 μ.μ. Ὁ Πρόεδρος.

ΙΩΑΝΝΗΣ ΔΑΡΔΗΣ
ΠΟΛΙΤ. ΚΕΝΤΡΟΝ ΦΙΛΕΛΕΥΘΕΡΩΝ

Καλοῦνται τὰ μέλη τοῦ Πολιτικοῦ Κέντρου εἰς γενικὴν συνέλευσιν τὴν Τετάρτην 28ην Ὀκτωβρίου, ὥραν 5 1/2 μ.μ. Ἐν Ἀθήναις τῇ 28 Ὀκτωβρίου 1920.

ΝΙΚ. ΧΡΙΣΤΟΔΟΥΛΙΔΗΣ
ΠΟΛΙΤΙΚΟΝ ΚΕΝΤΡΟΝ
Τμῆμα Γκύζη

Καλοῦνται τὰ μέλη τοῦ τμήματος Καλλιδρομίου εἰς συγκέντρωσιν τὴν Πέμπτην 29ην Ὀκτωβρίου, ὥραν 5 μ.μ. Ὁ Πρόεδρος.

Ν. ΝΤΟΡΜΠΑΝΟΠΟΥΛΟΣ
ΣΥΝΔΕΣΜΟΣ ΦΙΛΕΛΕΥΘΕΡΩΝ
Τμῆμα Κολωνοῦ

Καλοῦνται ἅπαντα τὰ μέλη εἰς συγκέντρωσιν τὴν Πέμπτην 29ην Ὀκτωβρίου, ὥραν 5 1/2 μ.μ., ἐν τῇ αἰθούσῃ τοῦ Συνδέσμου.

Ὁ ἐν Πειραιεῖ μεγαλέμπορος κ. Ἀθανάσιος Τ. Τσαφούρος κατασκευάζει ὑποδήματα πάσης ποιότητος διὰ ἄνδρας καὶ γυναῖκας.

Ὁ Ἐκλογικὸς Σύλλογος εὐχαριστεῖ θερμῶς πάντας τοὺς συμπαραστάντας εἰς τὴν ἐκλογὴν τοῦ Προέδρου του. Ἐν Ἀθήναις τῇ 28ῃ Ὀκτωβρίου 1920.

Κ. ΚΩΝΣΤΑΝΤΙΝΙΔΗΣ
ΠΟΛΙΤΙΚΟΝ ΚΕΝΤΡΟΝ

Καλοῦνται ἅπαντα τὰ μέλη τοῦ ἡμετέρου Τμήματος εἰς συνεδρίασιν τὴν Πέμπτην 29ην Ὀκτωβρίου, ὥραν 6 μ.μ. Ὁ Πρόεδρος Γ. ΜΟΡΑΙΤΗΣ

ΠΟΛΙΤ. ΚΕΝΤΡΟΝ ΦΙΛΕΛΕΥΘΕΡΩΝ

Γενικὴ συνέλευσις τῶν Μεσσηνίων ψηφοφόρων τὴν Πέμπτην 29ην Ὀκτωβρίου. Παρακαλοῦνται οἱ κ.κ. Ν. Ἰωάννου, Γ. Παπαδάκης, Ι. Λαμπρόπουλος νὰ προσέλθωσι.

Γενικὴ συνέλευσις τῶν Μεσσηνίων ψηφοφόρων τὴν Πέμπτην 29ην Ὀκτωβρίου. Παρακαλοῦνται οἱ κ.κ. Ν. Ἰωάννου, Γ. Παπαδάκης, Ι. Λαμπρόπουλος νὰ προσέλθωσι.

ΕΙΔΟΠΟΙΗΣΙΣ
Διὰ τοὺς καταναλωτὰς Ἠλεκτρικοῦ ρεύματος

Ἐξ ἀφορμῆς τῶν ἐπισκευῶν τῶν ἠλεκτρικῶν γραμμῶν, τὸ ρεῦμα θὰ διακοπῇ ἐπὶ βραχὺ χρονικὸν διάστημα εἰς τὰς περιοχὰς Πατησίων καὶ Κυψέλης. Παρακαλοῦνται οἱ καταναλωταὶ ὅπως λάβωσι τὰ ἀναγκαῖα μέτρα.

Ἐξ ἀφορμῆς τῶν ἐπισκευῶν τῶν ἠλεκτρικῶν γραμμῶν, τὸ ρεῦμα θὰ διακοπῇ ἐπὶ βραχὺ χρονικὸν διάστημα εἰς τὰς περιοχὰς Πατησίων καὶ Κυψέλης. Παρακαλοῦνται οἱ καταναλωταὶ ὅπως λάβωσι τὰ ἀναγκαῖα μέτρα.

ΩΡΑΙ ΘΛΙΨΕΩΣ

Ὑπάρχουν ὧραι κατὰ τὰς ὁποίας ἡ ψυχὴ τοῦ ἀνθρώπου αἰσθάνεται βαρεῖαν θλῖψιν. Ὁ Ἰταλὸς ποιητὴς ὠνόμαζε τὰς ὥρας αὐτὰς ὥρας τῆς σιωπῆς. Τὸ ἀπόγευμα ὅταν ὁ ἥλιος δύῃ καὶ αἱ σκιαὶ μακρύνονται, ἡ σκέψις στρέφεται πρὸς τὰ περασμένα. Ἀλλ' ἡ ζωὴ συνεχίζεται καὶ ἡ ἐλπὶς δὲν σβήνει ποτέ.

Ὑπάρχουν ὧραι κατὰ τὰς ὁποίας ἡ ψυχὴ τοῦ ἀνθρώπου αἰσθάνεται βαρεῖαν θλῖψιν. Ὁ Ἰταλὸς ποιητὴς ὠνόμαζε τὰς ὥρας αὐτὰς ὥρας τῆς σιωπῆς. Τὸ ἀπόγευμα ὅταν ὁ ἥλιος δύῃ καὶ αἱ σκιαὶ μακρύνονται, ἡ σκέψις στρέφεται πρὸς τὰ περασμένα. Ἀλλ' ἡ ζωὴ συνεχίζεται καὶ ἡ ἐλπὶς δὲν σβήνει ποτέ.

Ὑπάρχουν ὧραι κατὰ τὰς ὁποίας ἡ ψυχὴ τοῦ ἀνθρώπου αἰσθάνεται βαρεῖαν θλῖψιν. Ὁ Ἰταλὸς ποιητὴς ὠνόμαζε τὰς ὥρας αὐτὰς ὥρας τῆς σιωπῆς. Τὸ ἀπόγευμα ὅταν ὁ ἥλιος δύῃ καὶ αἱ σκιαὶ μακρύνονται, ἡ σκέψις στρέφεται πρὸς τὰ περασμένα. Ἀλλ' ἡ ζωὴ συνεχίζεται καὶ ἡ ἐλπὶς δὲν σβήνει ποτέ.

ΓΝΩΣΤΟΠΟΙΗΣΙΣ

Ἡ Γενικὴ Διεύθυνσις τῶν Σιδηροδρόμων τοῦ Κράτους γνωστοποιεῖ ὅτι ἀπὸ τῆς 1ης Νοεμβρίου τίθεται εἰς ἐφαρμογὴν νέον δρομολόγιον. Ἀναχωρήσεις: 2.600 τον. εἰς Θεσσαλονίκην, 3.600 τον. διὰ Λάρισαν.

Ἡ Γενικὴ Διεύθυνσις τῶν Σιδηροδρόμων τοῦ Κράτους γνωστοποιεῖ ὅτι ἀπὸ τῆς 1ης Νοεμβρίου τίθεται εἰς ἐφαρμογὴν νέον δρομολόγιον. Ἀναχωρήσεις: 2.600 τον. εἰς Θεσσαλονίκην, 3.600 τον. διὰ Λάρισαν.

ΗΠΕΙΡΩΤΙΚΗ ΑΤΜΟΠΛΟΪΑ

Τὸ ἀτμόπλοιον «ΤΑΣΟΣ» ἀναχωρεῖ τὴν Πέμπτην διὰ Πρέβεζαν καὶ Ἠγουμενίτσαν. Πράκτορες: Κ. Βέρας, Πειραιεύς.
